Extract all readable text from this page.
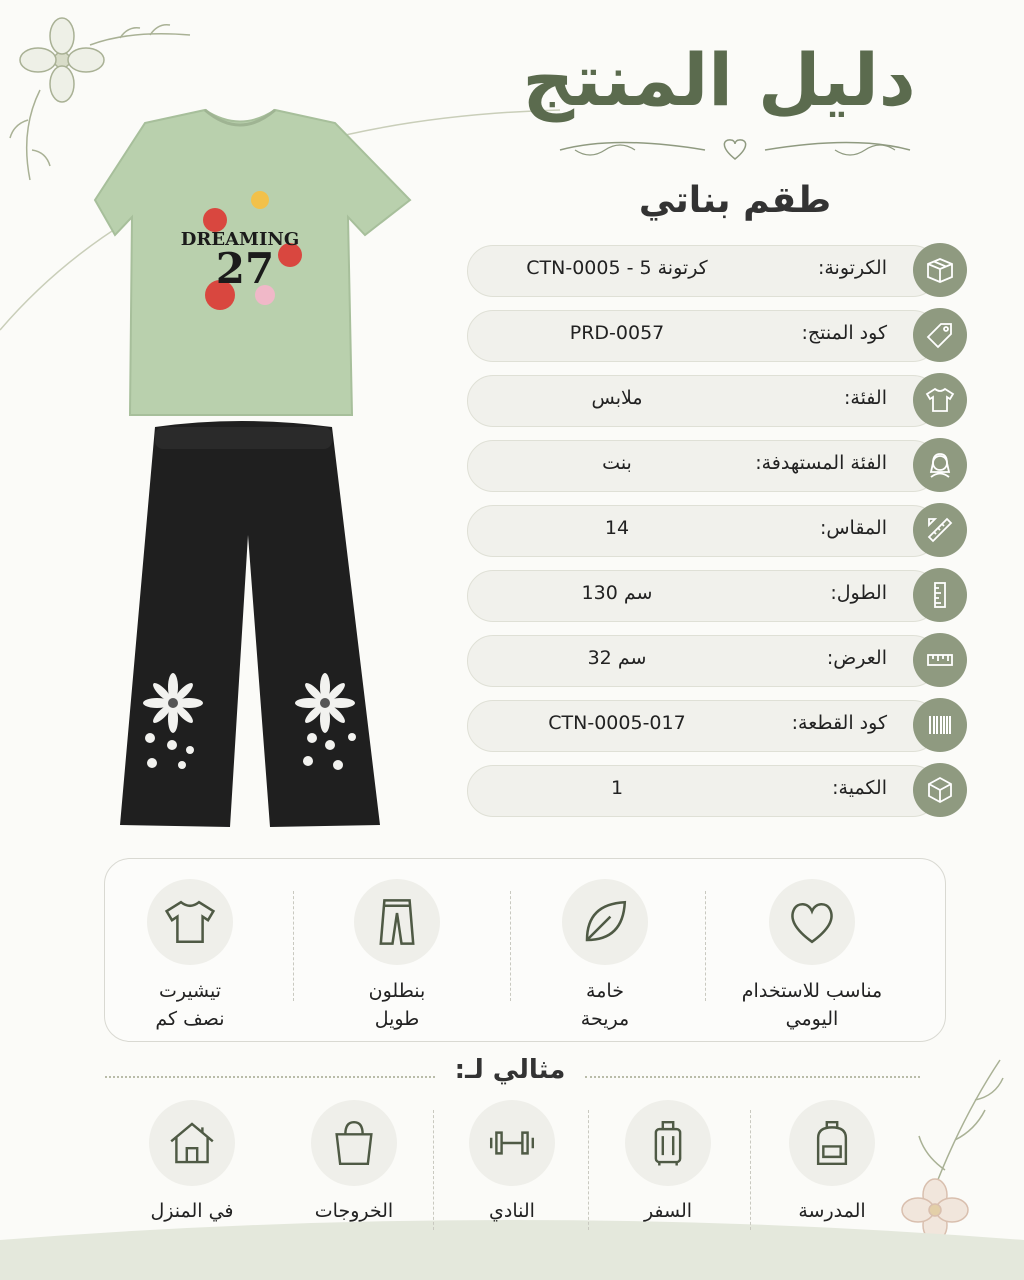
دليل المنتج
طقم بناتي
DREAMING
27	الكرتونة:
CTN-0005 - كرتونة 5
كود المنتج:
PRD-0057
الفئة:
ملابس
الفئة المستهدفة:
بنت
المقاس:
14
الطول:
130 سم
العرض:
32 سم
كود القطعة:
CTN-0005-017
الكمية:
1
تيشيرت
نصف كم
بنطلون
طويل
خامة
مريحة
مناسب للاستخدام
اليومي
مثالي لـ:
في المنزل	الخروجات	النادي	السفر	المدرسة
